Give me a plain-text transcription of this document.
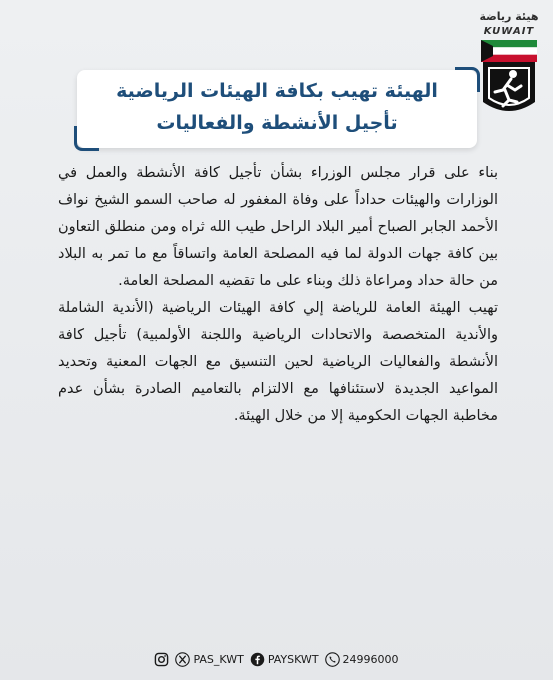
هيئة رياضة
KUWAIT
الهيئة تهيب بكافة الهيئات الرياضية
تأجيل الأنشطة والفعاليات

بناء على قرار مجلس الوزراء بشأن تأجيل كافة الأنشطة والعمل في الوزارات والهيئات حداداً على وفاة المغفور له صاحب السمو الشيخ نواف الأحمد الجابر الصباح أمير البلاد الراحل طيب الله ثراه ومن منطلق التعاون بين كافة جهات الدولة لما فيه المصلحة العامة واتساقاً مع ما تمر به البلاد من حالة حداد ومراعاة ذلك وبناء على ما تقضيه المصلحة العامة.

تهيب الهيئة العامة للرياضة إلي كافة الهيئات الرياضية (الأندية الشاملة والأندية المتخصصة والاتحادات الرياضية واللجنة الأولمبية) تأجيل كافة الأنشطة والفعاليات الرياضية لحين التنسيق مع الجهات المعنية وتحديد المواعيد الجديدة لاستئنافها مع الالتزام بالتعاميم الصادرة بشأن عدم مخاطبة الجهات الحكومية إلا من خلال الهيئة.

PAS_KWT PAYSKWT 24996000
